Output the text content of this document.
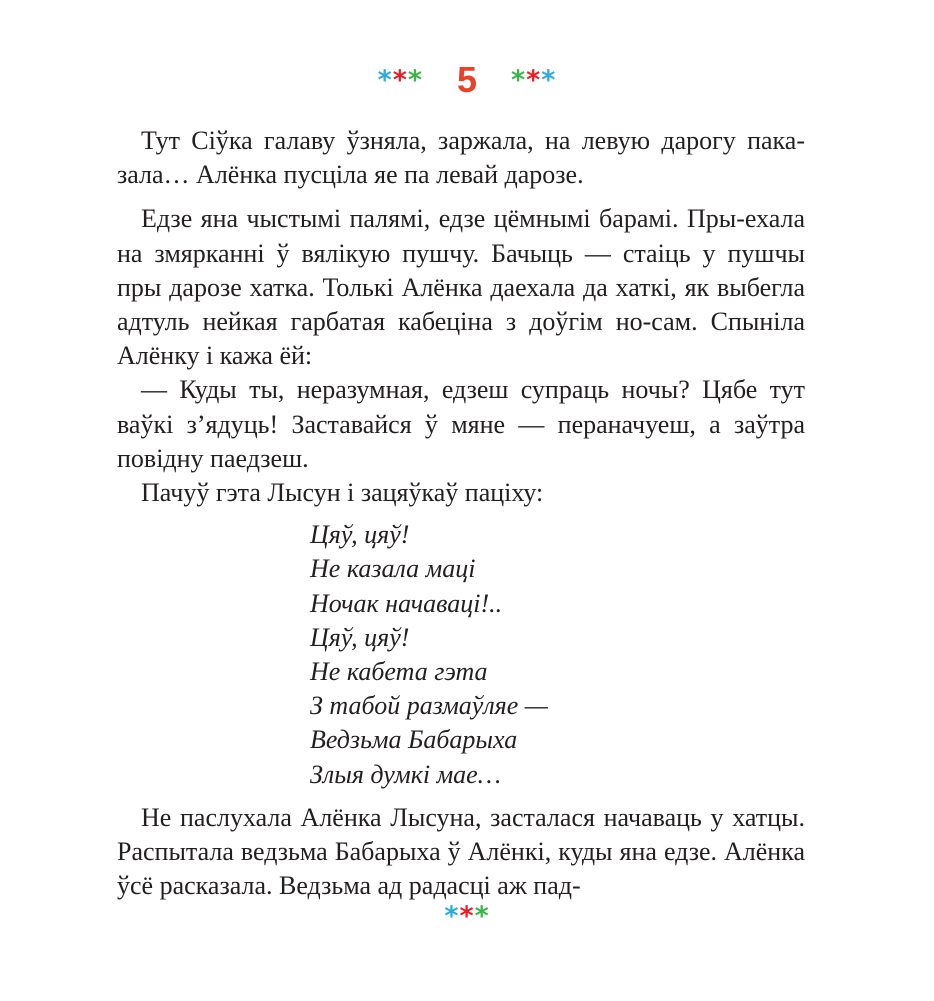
*** 5 ***

Тут Сіўка галаву ўзняла, заржала, на левую дарогу пака-зала… Алёнка пусціла яе па левай дарозе.

Едзе яна чыстымі палямі, едзе цёмнымі барамі. Пры-ехала на змярканні ў вялікую пушчу. Бачыць — стаіць у пушчы пры дарозе хатка. Толькі Алёнка даехала да хаткі, як выбегла адтуль нейкая гарбатая кабеціна з доўгім но-сам. Спыніла Алёнку і кажа ёй:

— Куды ты, неразумная, едзеш супраць ночы? Цябе тут ваўкі з’ядуць! Заставайся ў мяне — пераначуеш, а заўтра повідну паедзеш.

Пачуў гэта Лысун і зацяўкаў паціху:

Цяў, цяў!
Не казала маці
Ночак начаваці!..
Цяў, цяў!
Не кабета гэта
З табой размаўляе —
Ведзьма Бабарыха
Злыя думкі мае…

Не паслухала Алёнка Лысуна, засталася начаваць у хатцы. Распытала ведзьма Бабарыха ў Алёнкі, куды яна едзе. Алёнка ўсё расказала. Ведзьма ад радасці аж пад-

***
